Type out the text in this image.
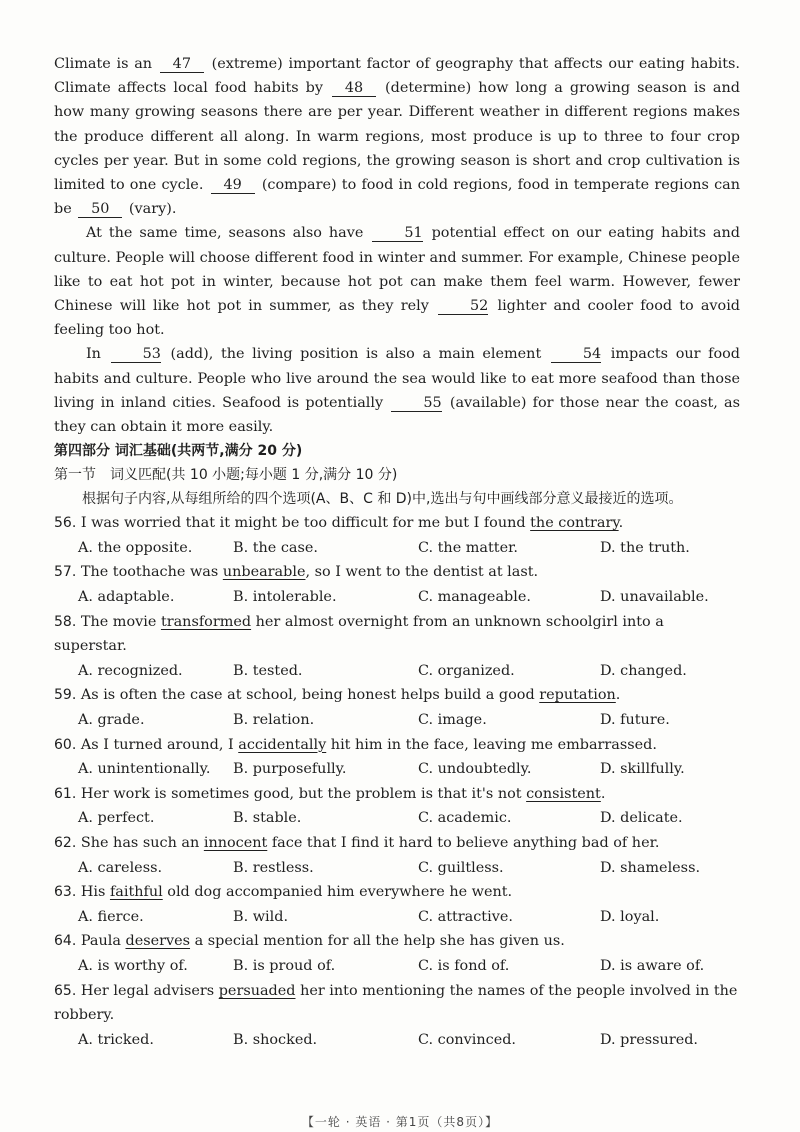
Climate is an 47 (extreme) important factor of geography that affects our eating habits. Climate affects local food habits by 48 (determine) how long a growing season is and how many growing seasons there are per year. Different weather in different regions makes the produce different all along. In warm regions, most produce is up to three to four crop cycles per year. But in some cold regions, the growing season is short and crop cultivation is limited to one cycle. 49 (compare) to food in cold regions, food in temperate regions can be 50 (vary).

At the same time, seasons also have	51 potential effect on our eating habits and culture. People will choose different food in winter and summer. For example, Chinese people like to eat hot pot in winter, because hot pot can make them feel warm. However, fewer Chinese will like hot pot in summer, as they rely	52 lighter and cooler food to avoid feeling too hot.

In	53 (add), the living position is also a main element	54 impacts our food habits and culture. People who live around the sea would like to eat more seafood than those living in inland cities. Seafood is potentially	55 (available) for those near the coast, as they can obtain it more easily.

第四部分 词汇基础(共两节,满分 20 分)

第一节 词义匹配(共 10 小题;每小题 1 分,满分 10 分)

根据句子内容,从每组所给的四个选项(A、B、C 和 D)中,选出与句中画线部分意义最接近的选项。

56. I was worried that it might be too difficult for me but I found the contrary.

A. the opposite.	B. the case.	C. the matter.	D. the truth.

57. The toothache was unbearable, so I went to the dentist at last.

A. adaptable.	B. intolerable.	C. manageable.	D. unavailable.

58. The movie transformed her almost overnight from an unknown schoolgirl into a superstar.

A. recognized.	B. tested.	C. organized.	D. changed.

59. As is often the case at school, being honest helps build a good reputation.

A. grade.	B. relation.	C. image.	D. future.

60. As I turned around, I accidentally hit him in the face, leaving me embarrassed.

A. unintentionally.	B. purposefully.	C. undoubtedly.	D. skillfully.

61. Her work is sometimes good, but the problem is that it's not consistent.

A. perfect.	B. stable.	C. academic.	D. delicate.

62. She has such an innocent face that I find it hard to believe anything bad of her.

A. careless.	B. restless.	C. guiltless.	D. shameless.

63. His faithful old dog accompanied him everywhere he went.

A. fierce.	B. wild.	C. attractive.	D. loyal.

64. Paula deserves a special mention for all the help she has given us.

A. is worthy of.	B. is proud of.	C. is fond of.	D. is aware of.

65. Her legal advisers persuaded her into mentioning the names of the people involved in the robbery.

A. tricked.	B. shocked.	C. convinced.	D. pressured.
【一轮 · 英语 · 第1页（共8页）】
